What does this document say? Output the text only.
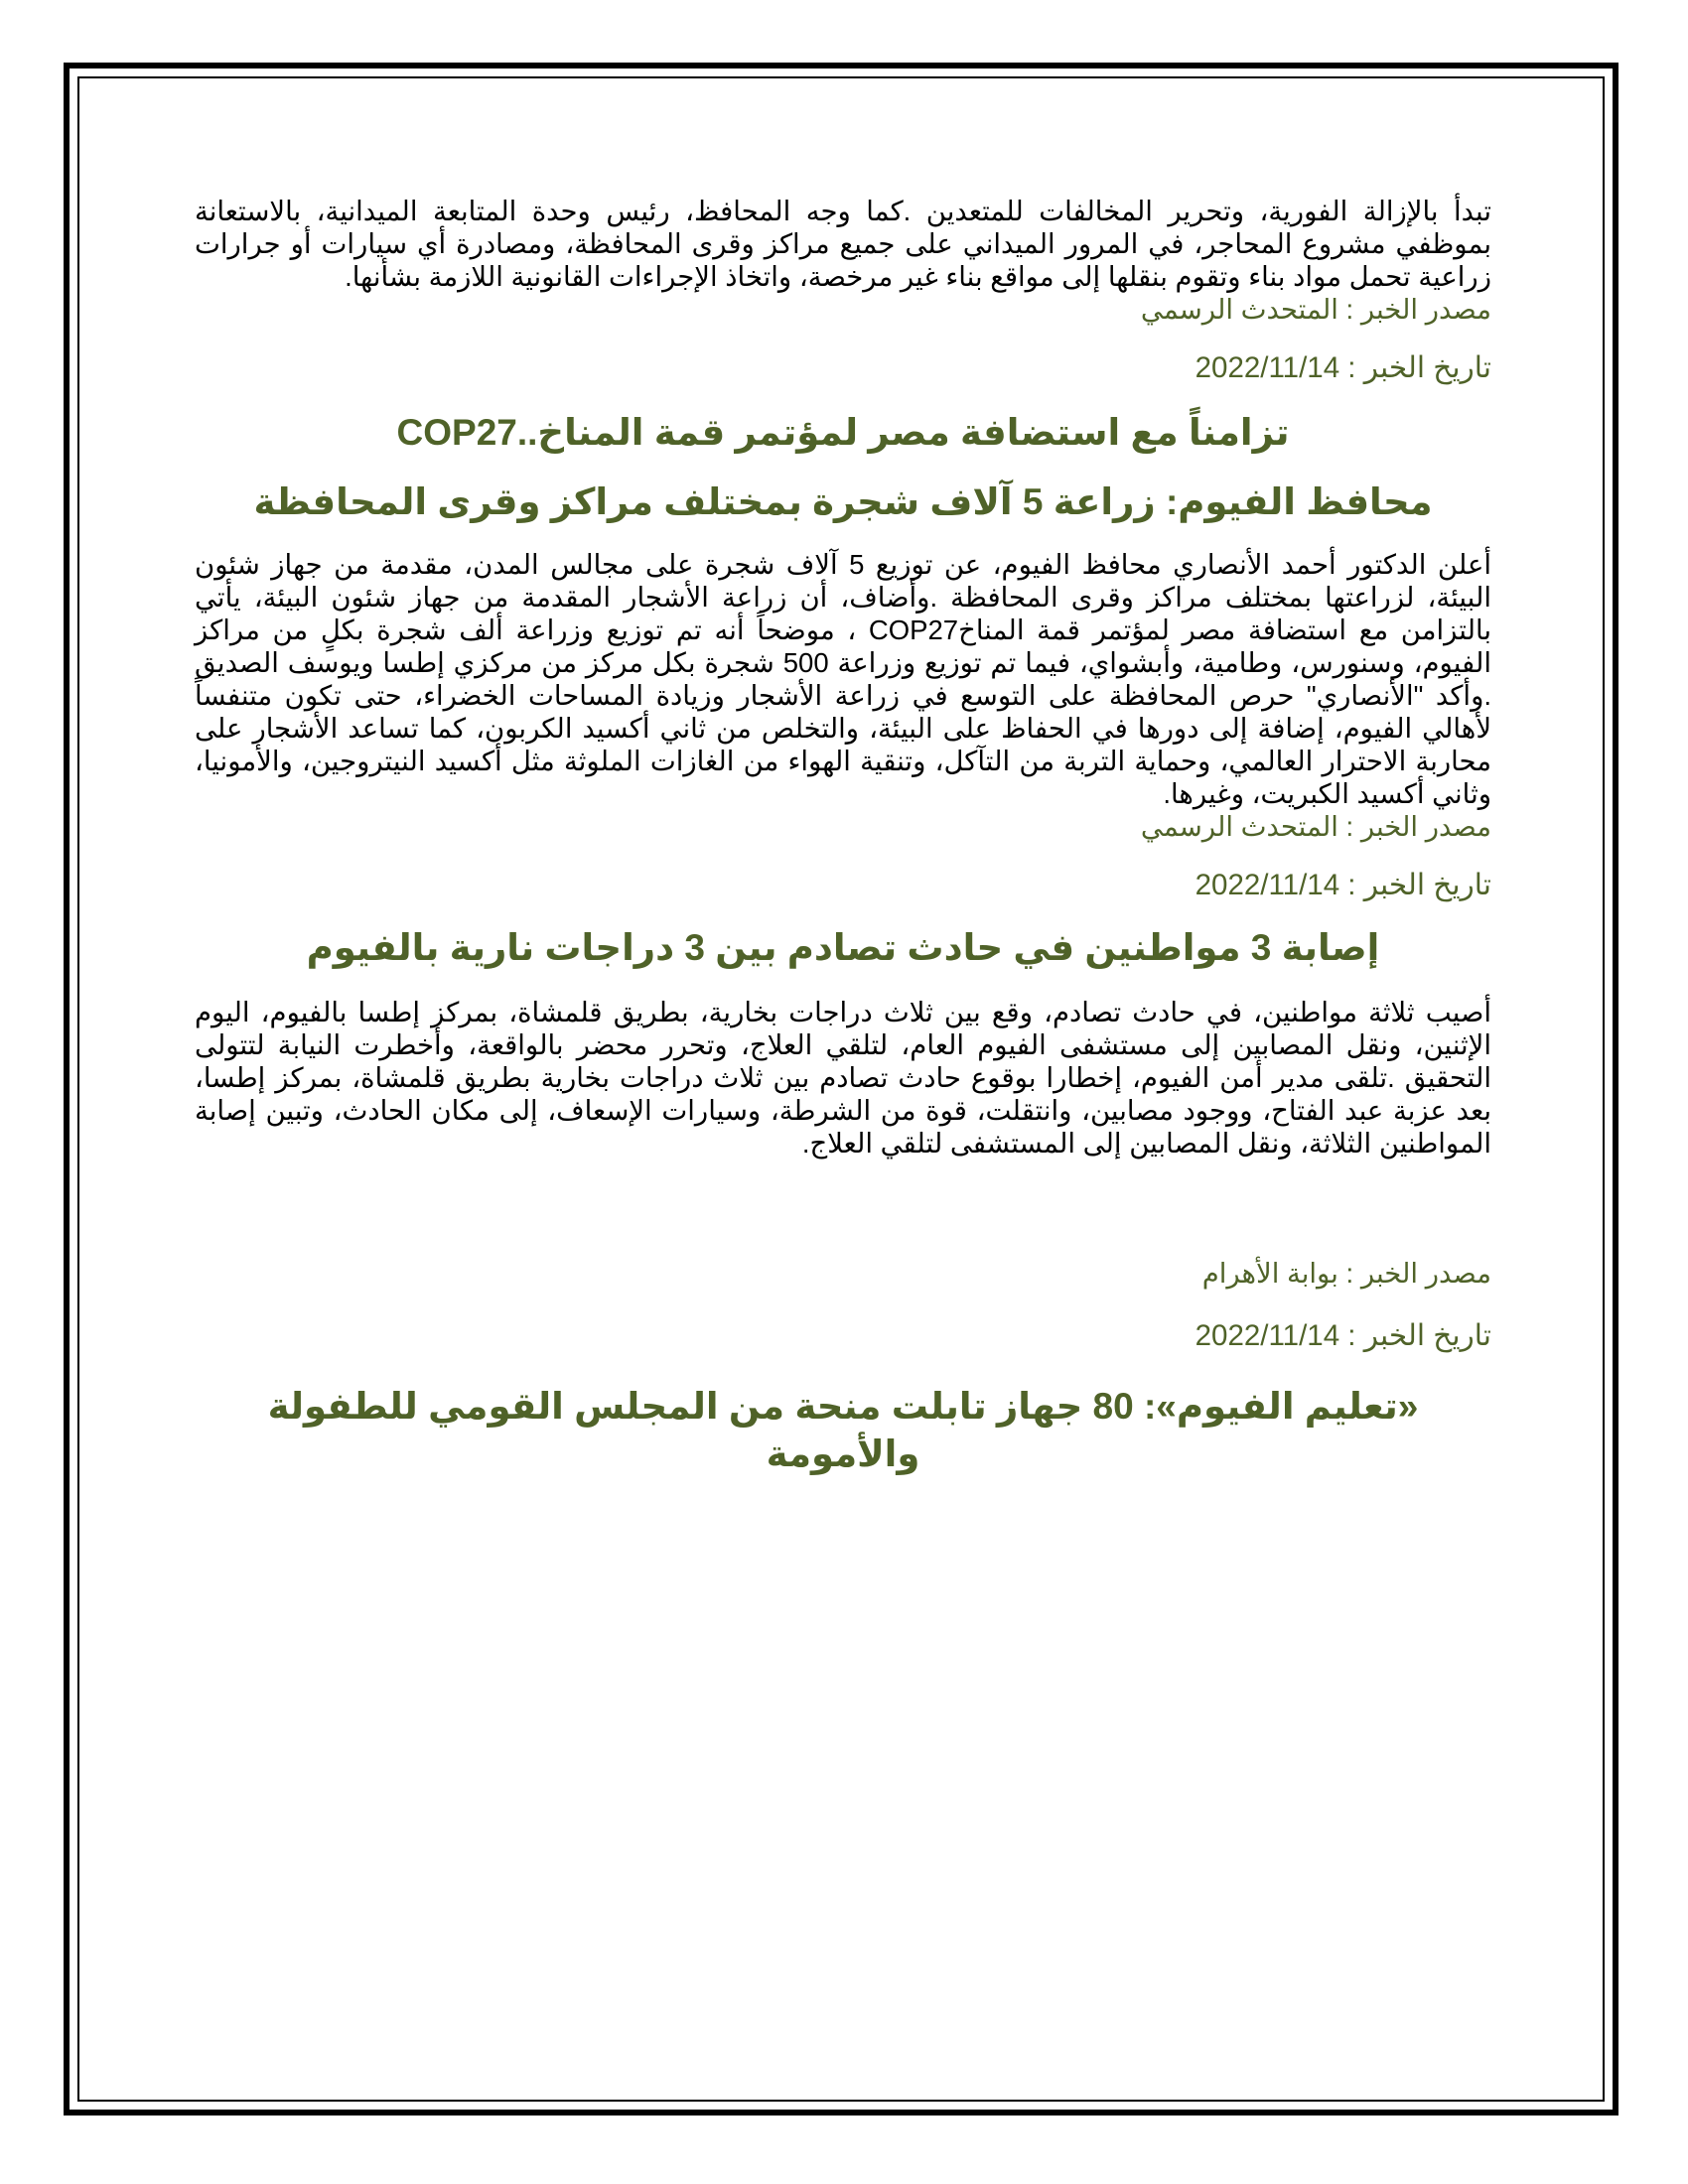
تبدأ بالإزالة الفورية، وتحرير المخالفات للمتعدين .كما وجه المحافظ، رئيس وحدة المتابعة الميدانية، بالاستعانة بموظفي مشروع المحاجر، في المرور الميداني على جميع مراكز وقرى المحافظة، ومصادرة أي سيارات أو جرارات زراعية تحمل مواد بناء وتقوم بنقلها إلى مواقع بناء غير مرخصة، واتخاذ الإجراءات القانونية اللازمة بشأنها.

مصدر الخبر : المتحدث الرسمي

تاريخ الخبر : 2022/11/14

تزامناً مع استضافة مصر لمؤتمر قمة المناخ..COP27
محافظ الفيوم: زراعة 5 آلاف شجرة بمختلف مراكز وقرى المحافظة

أعلن الدكتور أحمد الأنصاري محافظ الفيوم، عن توزيع 5 آلاف شجرة على مجالس المدن، مقدمة من جهاز شئون البيئة، لزراعتها بمختلف مراكز وقرى المحافظة .وأضاف، أن زراعة الأشجار المقدمة من جهاز شئون البيئة، يأتي بالتزامن مع استضافة مصر لمؤتمر قمة المناخCOP27 ، موضحاً أنه تم توزيع وزراعة ألف شجرة بكلٍ من مراكز الفيوم، وسنورس، وطامية، وأبشواي، فيما تم توزيع وزراعة 500 شجرة بكل مركز من مركزي إطسا ويوسف الصديق .وأكد "الأنصاري" حرص المحافظة على التوسع في زراعة الأشجار وزيادة المساحات الخضراء، حتى تكون متنفساً لأهالي الفيوم، إضافة إلى دورها في الحفاظ على البيئة، والتخلص من ثاني أكسيد الكربون، كما تساعد الأشجار على محاربة الاحترار العالمي، وحماية التربة من التآكل، وتنقية الهواء من الغازات الملوثة مثل أكسيد النيتروجين، والأمونيا، وثاني أكسيد الكبريت، وغيرها.

مصدر الخبر : المتحدث الرسمي

تاريخ الخبر : 2022/11/14

إصابة 3 مواطنين في حادث تصادم بين 3 دراجات نارية بالفيوم

أصيب ثلاثة مواطنين، في حادث تصادم، وقع بين ثلاث دراجات بخارية، بطريق قلمشاة، بمركز إطسا بالفيوم، اليوم الإثنين، ونقل المصابين إلى مستشفى الفيوم العام، لتلقي العلاج، وتحرر محضر بالواقعة، وأخطرت النيابة لتتولى التحقيق .تلقى مدير أمن الفيوم، إخطارا بوقوع حادث تصادم بين ثلاث دراجات بخارية بطريق قلمشاة، بمركز إطسا، بعد عزبة عبد الفتاح، ووجود مصابين، وانتقلت، قوة من الشرطة، وسيارات الإسعاف، إلى مكان الحادث، وتبين إصابة المواطنين الثلاثة، ونقل المصابين إلى المستشفى لتلقي العلاج.

مصدر الخبر : بوابة الأهرام

تاريخ الخبر : 2022/11/14

«تعليم الفيوم»: 80 جهاز تابلت منحة من المجلس القومي للطفولة والأمومة
